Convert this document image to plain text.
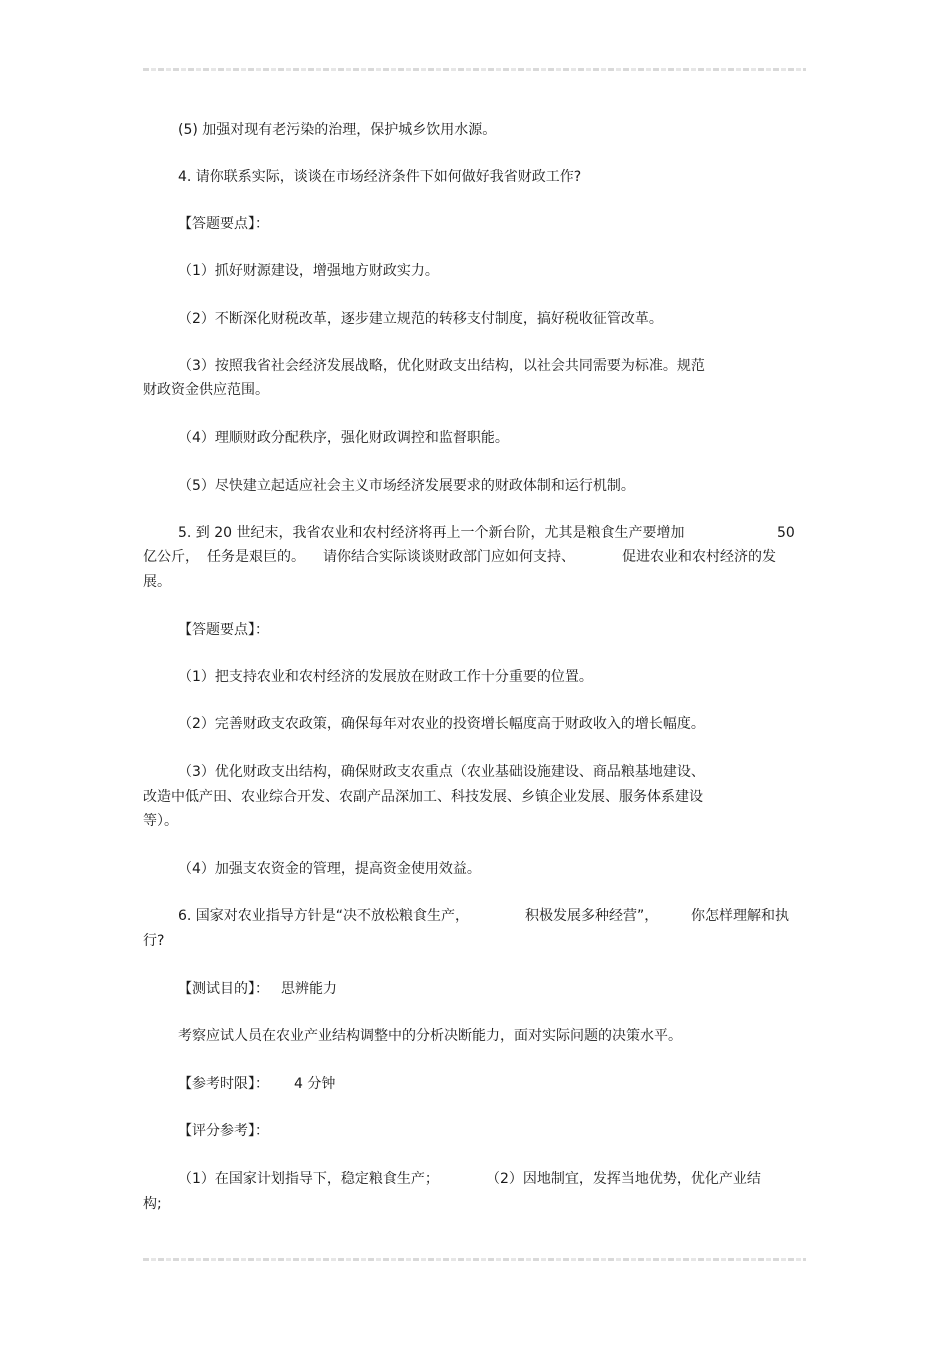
(5) 加强对现有老污染的治理，保护城乡饮用水源。
4. 请你联系实际，谈谈在市场经济条件下如何做好我省财政工作?
【答题要点】：
（1）抓好财源建设，增强地方财政实力。
（2）不断深化财税改革，逐步建立规范的转移支付制度，搞好税收征管改革。
（3）按照我省社会经济发展战略，优化财政支出结构，以社会共同需要为标准。规范
财政资金供应范围。
（4）理顺财政分配秩序，强化财政调控和监督职能。
（5）尽快建立起适应社会主义市场经济发展要求的财政体制和运行机制。
5. 到 20 世纪末，我省农业和农村经济将再上一个新台阶，尤其是粮食生产要增加	50
亿公斤， 任务是艰巨的。 请你结合实际谈谈财政部门应如何支持、	促进农业和农村经济的发
展。
【答题要点】：
（1）把支持农业和农村经济的发展放在财政工作十分重要的位置。
（2）完善财政支农政策，确保每年对农业的投资增长幅度高于财政收入的增长幅度。
（3）优化财政支出结构，确保财政支农重点（农业基础设施建设、商品粮基地建设、
改造中低产田、农业综合开发、农副产品深加工、科技发展、乡镇企业发展、服务体系建设
等）。
（4）加强支农资金的管理，提高资金使用效益。
6. 国家对农业指导方针是“决不放松粮食生产，	积极发展多种经营”， 你怎样理解和执
行?
【测试目的】： 思辨能力
考察应试人员在农业产业结构调整中的分析决断能力，面对实际问题的决策水平。
【参考时限】： 4 分钟
【评分参考】：
（1）在国家计划指导下，稳定粮食生产；	（2）因地制宜，发挥当地优势，优化产业结
构;
